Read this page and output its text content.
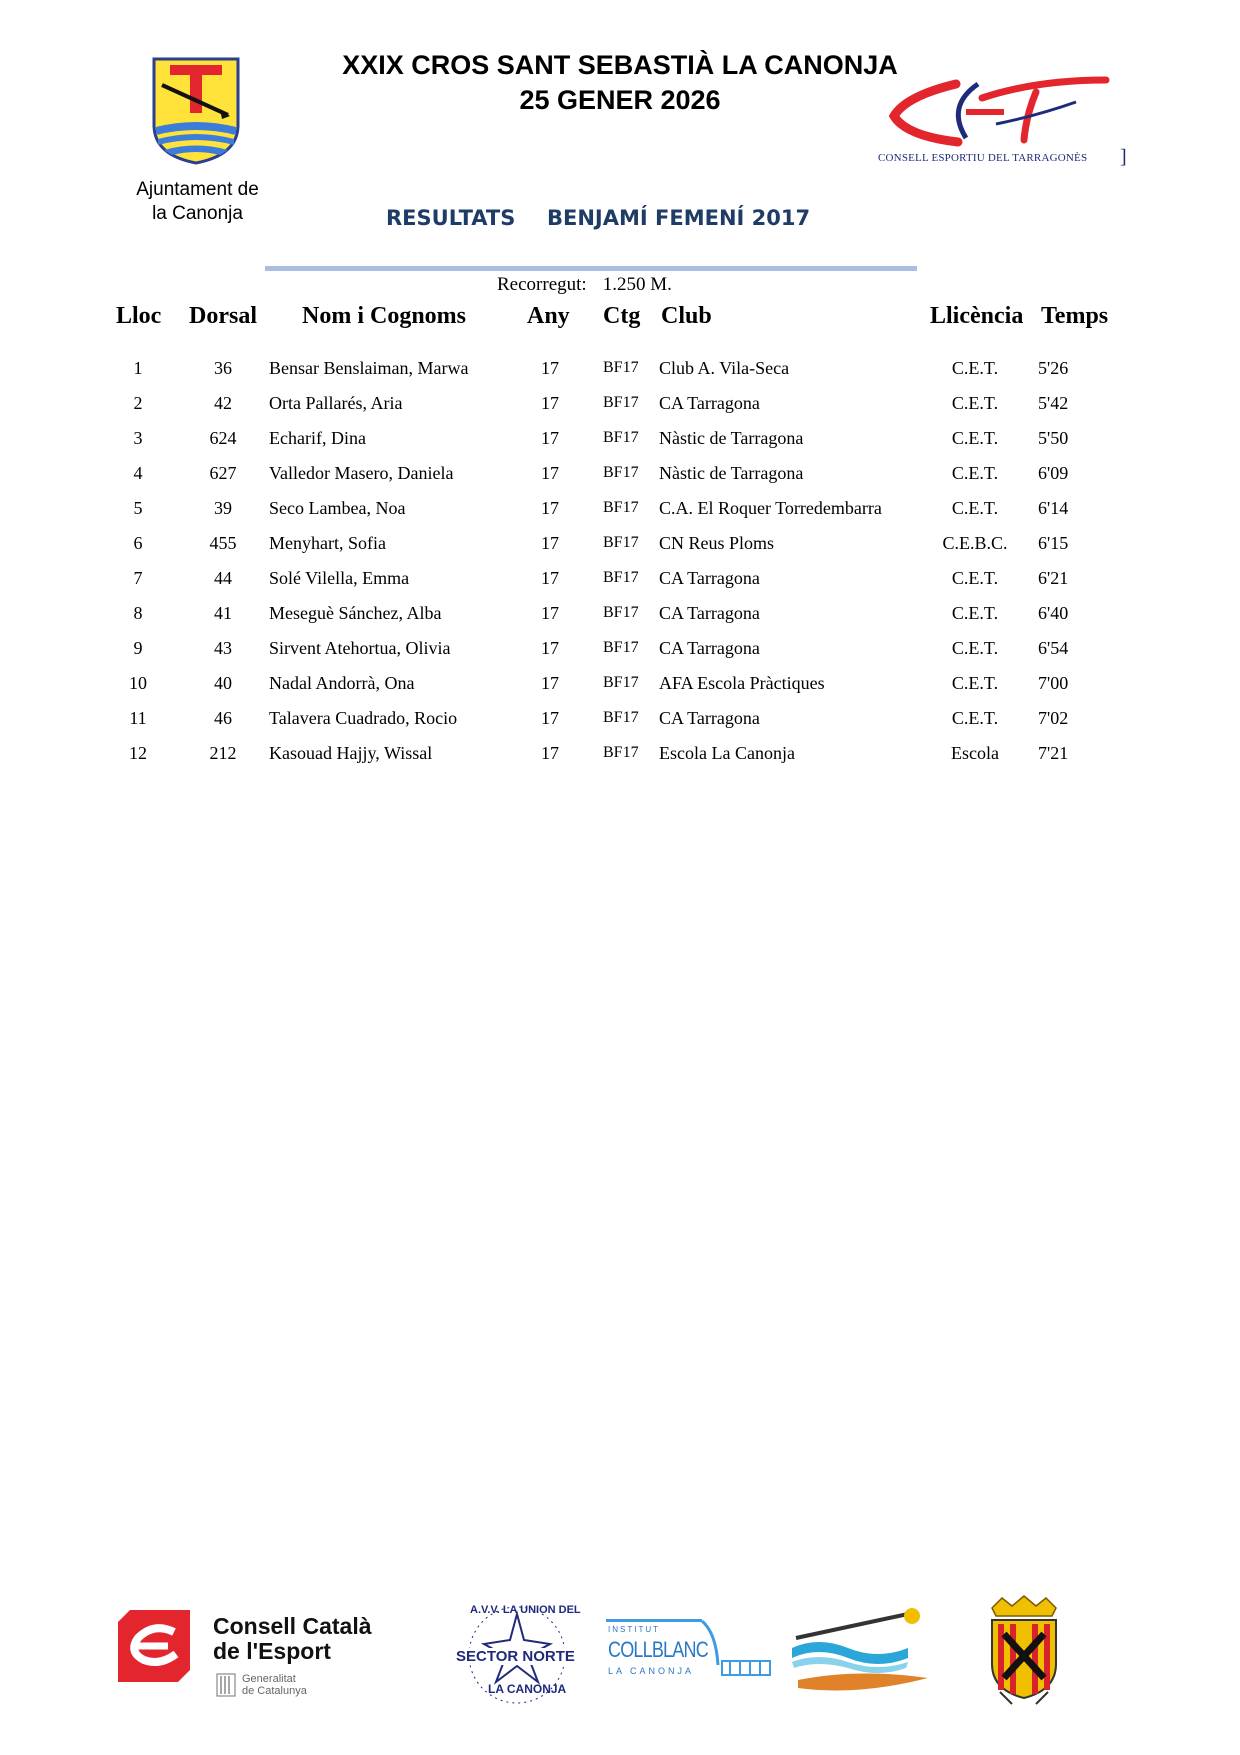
Ajuntament de
la Canonja
XXIX CROS SANT SEBASTIÀ LA CANONJA
25 GENER 2026
CONSELL ESPORTIU DEL TARRAGONÈS ]
RESULTATS BENJAMÍ FEMENÍ 2017
Recorregut: 1.250 M.
Lloc Dorsal Nom i Cognoms	Any Ctg Club	Llicència Temps
1	36	Bensar Benslaiman, Marwa	17	BF17 Club A. Vila-Seca	C.E.T.	5'26
2	42	Orta Pallarés, Aria	17	BF17 CA Tarragona	C.E.T.	5'42
3	624	Echarif, Dina	17	BF17 Nàstic de Tarragona	C.E.T.	5'50
4	627	Valledor Masero, Daniela	17	BF17 Nàstic de Tarragona	C.E.T.	6'09
5	39	Seco Lambea, Noa	17	BF17 C.A. El Roquer Torredembarra	C.E.T.	6'14
6	455	Menyhart, Sofia	17	BF17 CN Reus Ploms	C.E.B.C.	6'15
7	44	Solé Vilella, Emma	17	BF17 CA Tarragona	C.E.T.	6'21
8	41	Meseguè Sánchez, Alba	17	BF17 CA Tarragona	C.E.T.	6'40
9	43	Sirvent Atehortua, Olivia	17	BF17 CA Tarragona	C.E.T.	6'54
10	40	Nadal Andorrà, Ona	17	BF17 AFA Escola Pràctiques	C.E.T.	7'00
11	46	Talavera Cuadrado, Rocio	17	BF17 CA Tarragona	C.E.T.	7'02
12	212	Kasouad Hajjy, Wissal	17	BF17 Escola La Canonja	Escola	7'21
Consell Català
de l'Esport
Generalitat
de Catalunya
A.V.V. LA UNION DEL
SECTOR NORTE
LA CANONJA
INSTITUT
COLLBLANC
LA CANONJA
